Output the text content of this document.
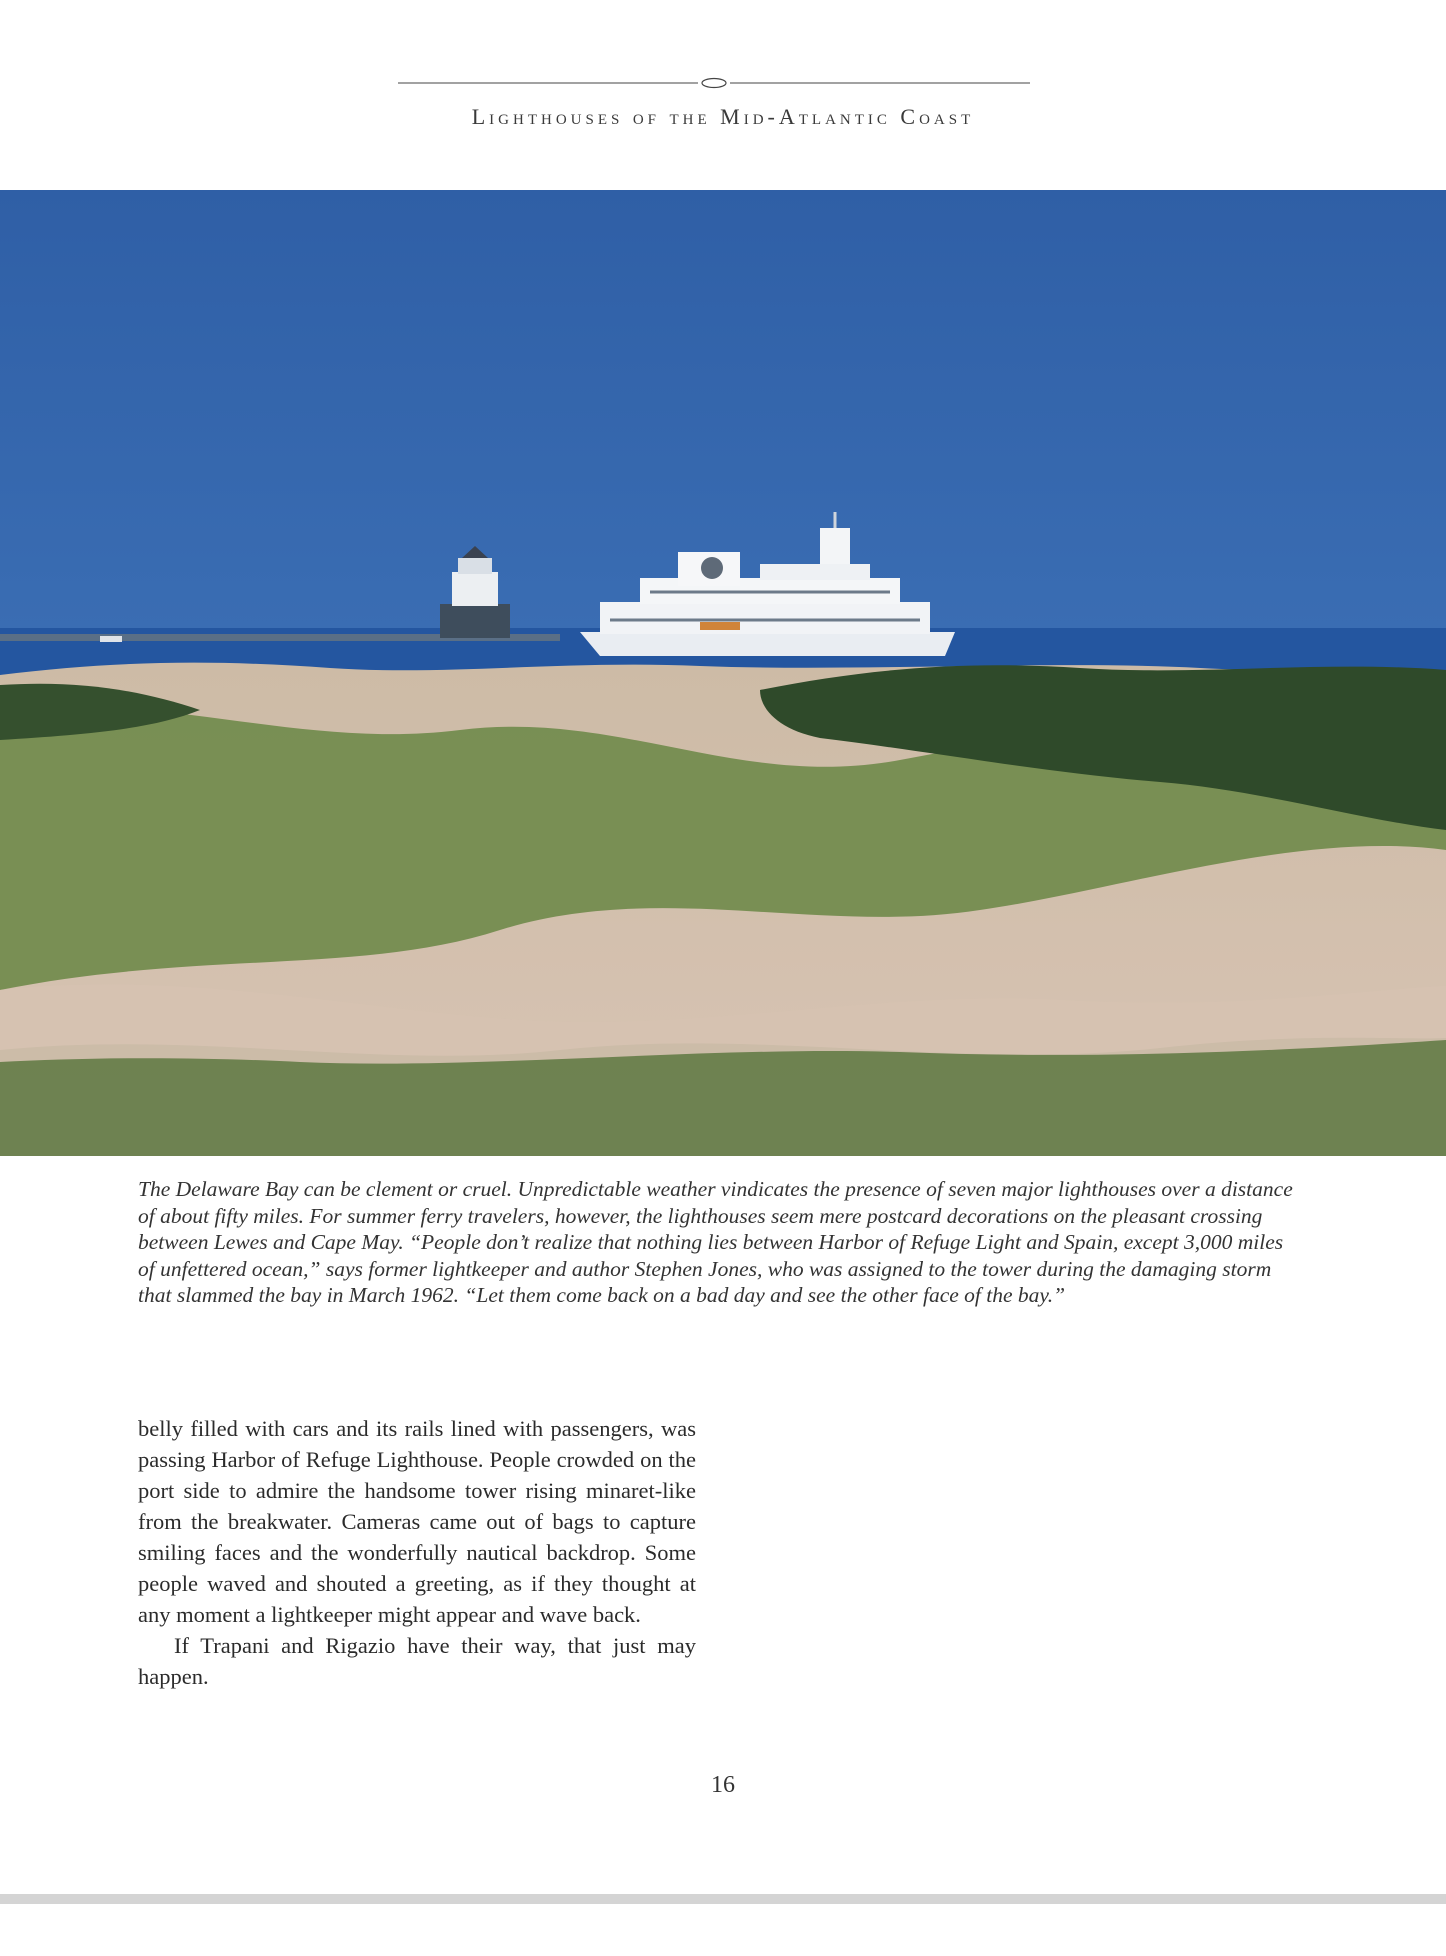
Lighthouses of the Mid-Atlantic Coast
The Delaware Bay can be clement or cruel. Unpredictable weather vindicates the presence of seven major lighthouses over a distance of about fifty miles. For summer ferry travelers, however, the lighthouses seem mere postcard decorations on the pleasant crossing between Lewes and Cape May. “People don’t realize that nothing lies between Harbor of Refuge Light and Spain, except 3,000 miles of unfettered ocean,” says former lightkeeper and author Stephen Jones, who was assigned to the tower during the damaging storm that slammed the bay in March 1962. “Let them come back on a bad day and see the other face of the bay.”

belly filled with cars and its rails lined with passengers, was passing Harbor of Refuge Lighthouse. People crowded on the port side to admire the handsome tower rising minaret-like from the breakwater. Cameras came out of bags to capture smiling faces and the wonderfully nautical backdrop. Some people waved and shouted a greeting, as if they thought at any moment a lightkeeper might appear and wave back.

If Trapani and Rigazio have their way, that just may happen.

16
